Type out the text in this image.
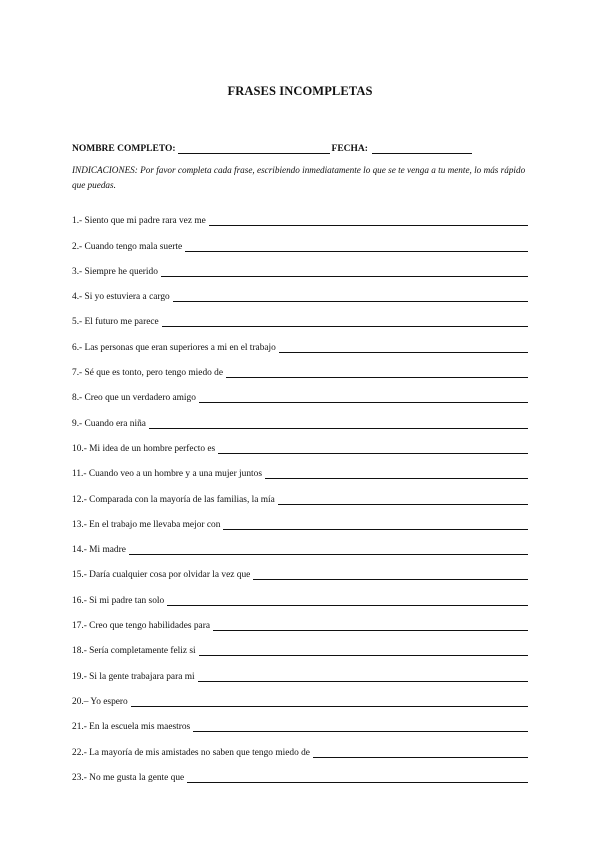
FRASES INCOMPLETAS
NOMBRE COMPLETO:	FECHA:
INDICACIONES: Por favor completa cada frase, escribiendo inmediatamente lo que se te venga a tu mente, lo más rápido que puedas.
1.- Siento que mi padre rara vez me
2.- Cuando tengo mala suerte
3.- Siempre he querido
4.- Si yo estuviera a cargo
5.- El futuro me parece
6.- Las personas que eran superiores a mi en el trabajo
7.- Sé que es tonto, pero tengo miedo de
8.- Creo que un verdadero amigo
9.- Cuando era niña
10.- Mi idea de un hombre perfecto es
11.- Cuando veo a un hombre y a una mujer juntos
12.- Comparada con la mayoría de las familias, la mía
13.- En el trabajo me llevaba mejor con
14.- Mi madre
15.- Daría cualquier cosa por olvidar la vez que
16.- Si mi padre tan solo
17.- Creo que tengo habilidades para
18.- Sería completamente feliz si
19.- Si la gente trabajara para mi
20.– Yo espero
21.- En la escuela mis maestros
22.- La mayoría de mis amistades no saben que tengo miedo de
23.- No me gusta la gente que
